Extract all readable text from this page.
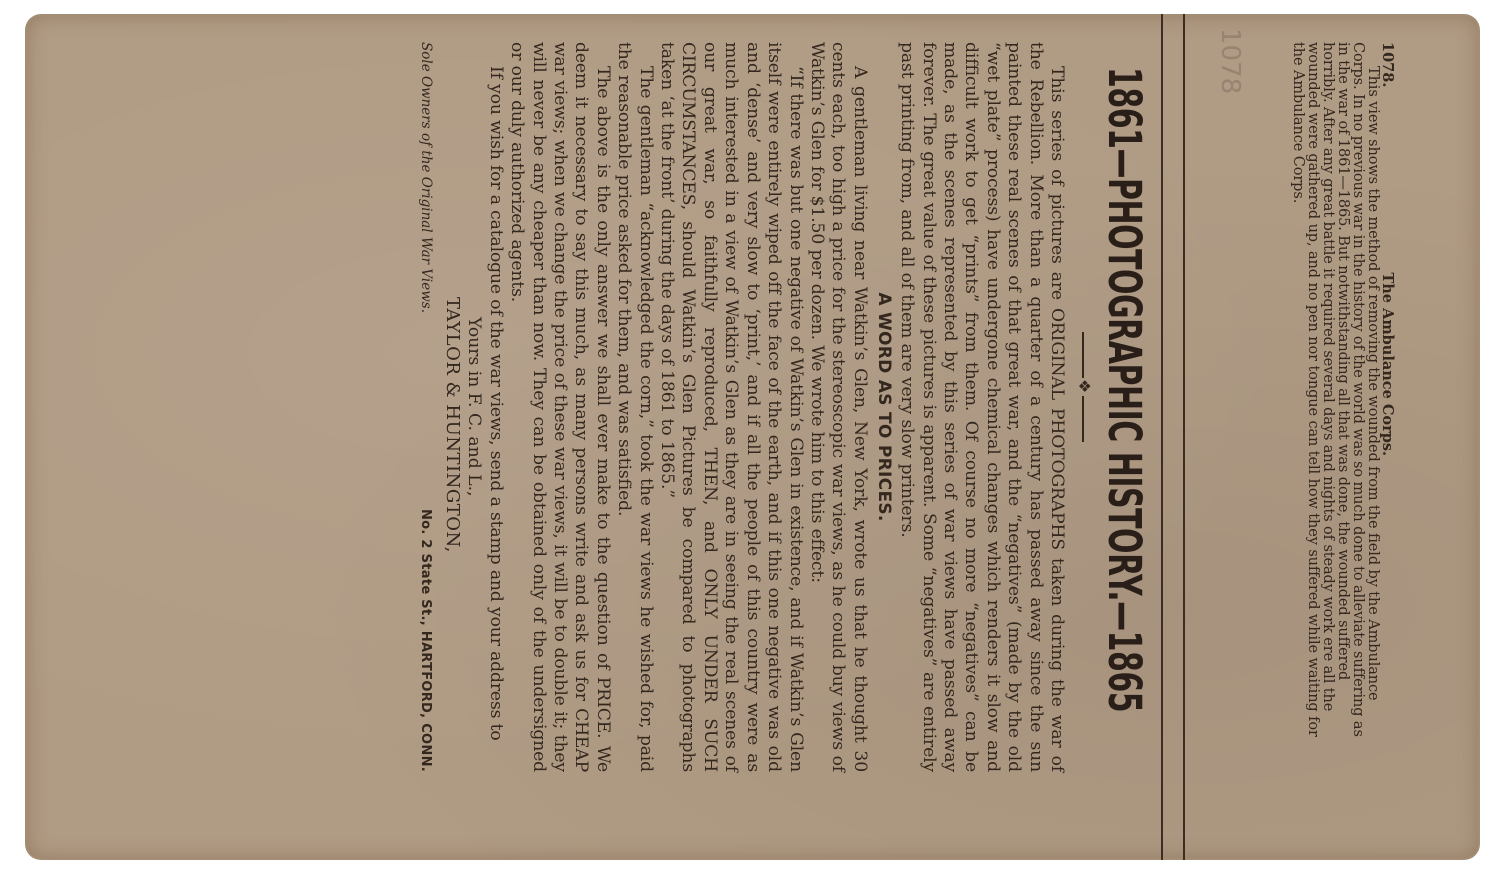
1078	1078. The Ambulance Corps.

This view shows the method of removing the wounded from the field by the Ambulance Corps. In no previous war in the history of the world was so much done to alleviate suffering as in the war of 1861—1865. But notwithstanding all that was done, the wounded suffered horribly. After any great battle it required several days and nights of steady work ere all the wounded were gathered up, and no pen nor tongue can tell how they suffered while waiting for the Ambulance Corps.

1861—PHOTOGRAPHIC HISTORY.—1865
❖

This series of pictures are ORIGINAL PHOTOGRAPHS taken during the war of the Rebellion. More than a quarter of a century has passed away since the sun painted these real scenes of that great war, and the “negatives” (made by the old “wet plate” process) have undergone chemical changes which renders it slow and difficult work to get “prints” from them. Of course no more “negatives” can be made, as the scenes represented by this series of war views have passed away forever. The great value of these pictures is apparent. Some “negatives” are entirely past printing from, and all of them are very slow printers.

A WORD AS TO PRICES.

A gentleman living near Watkin’s Glen, New York, wrote us that he thought 30 cents each, too high a price for the stereoscopic war views, as he could buy views of Watkin’s Glen for $1.50 per dozen. We wrote him to this effect:

“If there was but one negative of Watkin’s Glen in existence, and if Watkin’s Glen itself were entirely wiped off the face of the earth, and if this one negative was old and ‘dense’ and very slow to ‘print,’ and if all the people of this country were as much interested in a view of Watkin’s Glen as they are in seeing the real scenes of our great war, so faithfully reproduced, THEN, and ONLY UNDER SUCH CIRCUMSTANCES, should Watkin’s Glen Pictures be compared to photographs taken ‘at the front’ during the days of 1861 to 1865.”

The gentleman “acknowledged the corn,” took the war views he wished for, paid the reasonable price asked for them, and was satisfied.

The above is the only answer we shall ever make to the question of PRICE. We deem it necessary to say this much, as many persons write and ask us for CHEAP war views; when we change the price of these war views, it will be to double it; they will never be any cheaper than now. They can be obtained only of the undersigned or our duly authorized agents.

If you wish for a catalogue of the war views, send a stamp and your address to

Yours in F. C. and L.,

TAYLOR & HUNTINGTON,

Sole Owners of the Original War Views.
No. 2 State St., HARTFORD, CONN.
